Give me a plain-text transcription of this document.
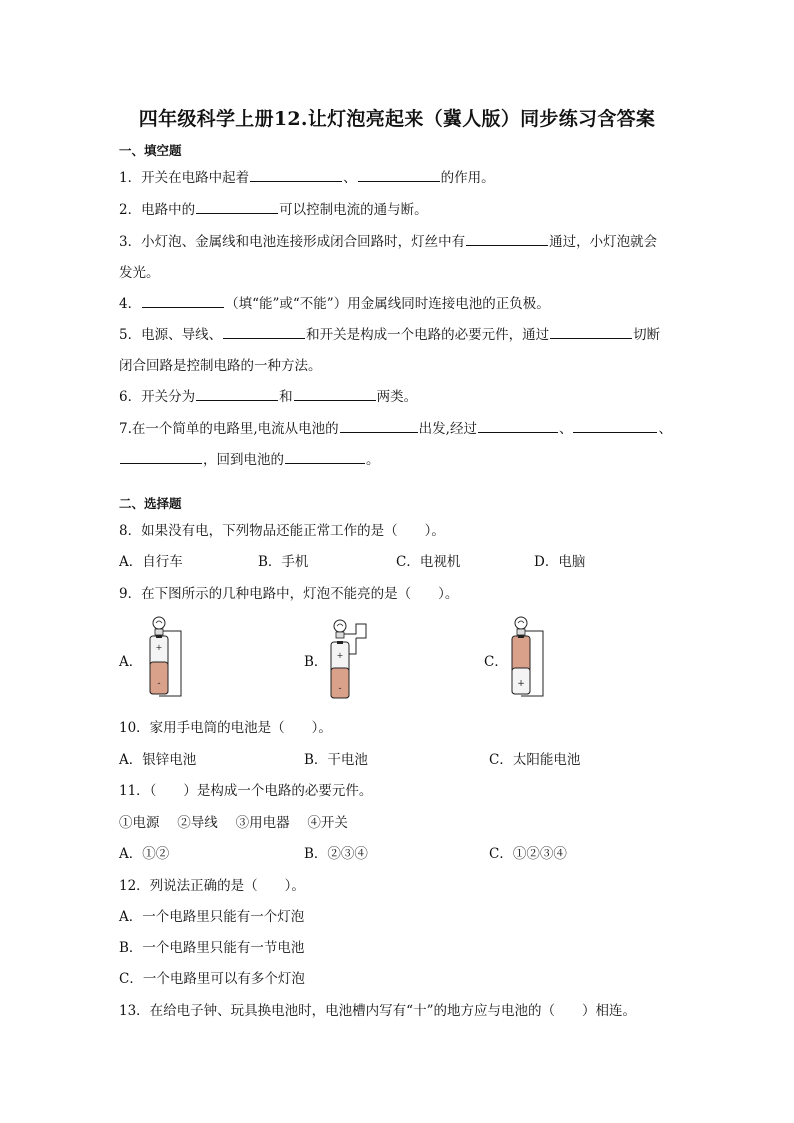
四年级科学上册12.让灯泡亮起来（冀人版）同步练习含答案
一、填空题
1．开关在电路中起着	、	的作用。
2．电路中的	可以控制电流的通与断。
3．小灯泡、金属线和电池连接形成闭合回路时，灯丝中有	通过，小灯泡就会
发光。
4．	（填“能”或“不能”）用金属线同时连接电池的正负极。
5．电源、导线、	和开关是构成一个电路的必要元件，通过	切断
闭合回路是控制电路的一种方法。
6．开关分为	和	两类。
7.在一个简单的电路里,电流从电池的	出发,经过	、	、
，回到电池的	。
二、选择题
8．如果没有电，下列物品还能正常工作的是（　　）。
A．自行车	B．手机	C．电视机	D．电脑
9．在下图所示的几种电路中，灯泡不能亮的是（　　）。
A．	B．	C．
+
-
+
-	+
10．家用手电筒的电池是（　　）。
A．银锌电池	B．干电池	C．太阳能电池
11．（　　）是构成一个电路的必要元件。
①电源　 ②导线　 ③用电器　 ④开关
A．①②	B．②③④	C．①②③④
12．列说法正确的是（　　）。
A．一个电路里只能有一个灯泡
B．一个电路里只能有一节电池
C．一个电路里可以有多个灯泡
13．在给电子钟、玩具换电池时，电池槽内写有“十”的地方应与电池的（　　）相连。
